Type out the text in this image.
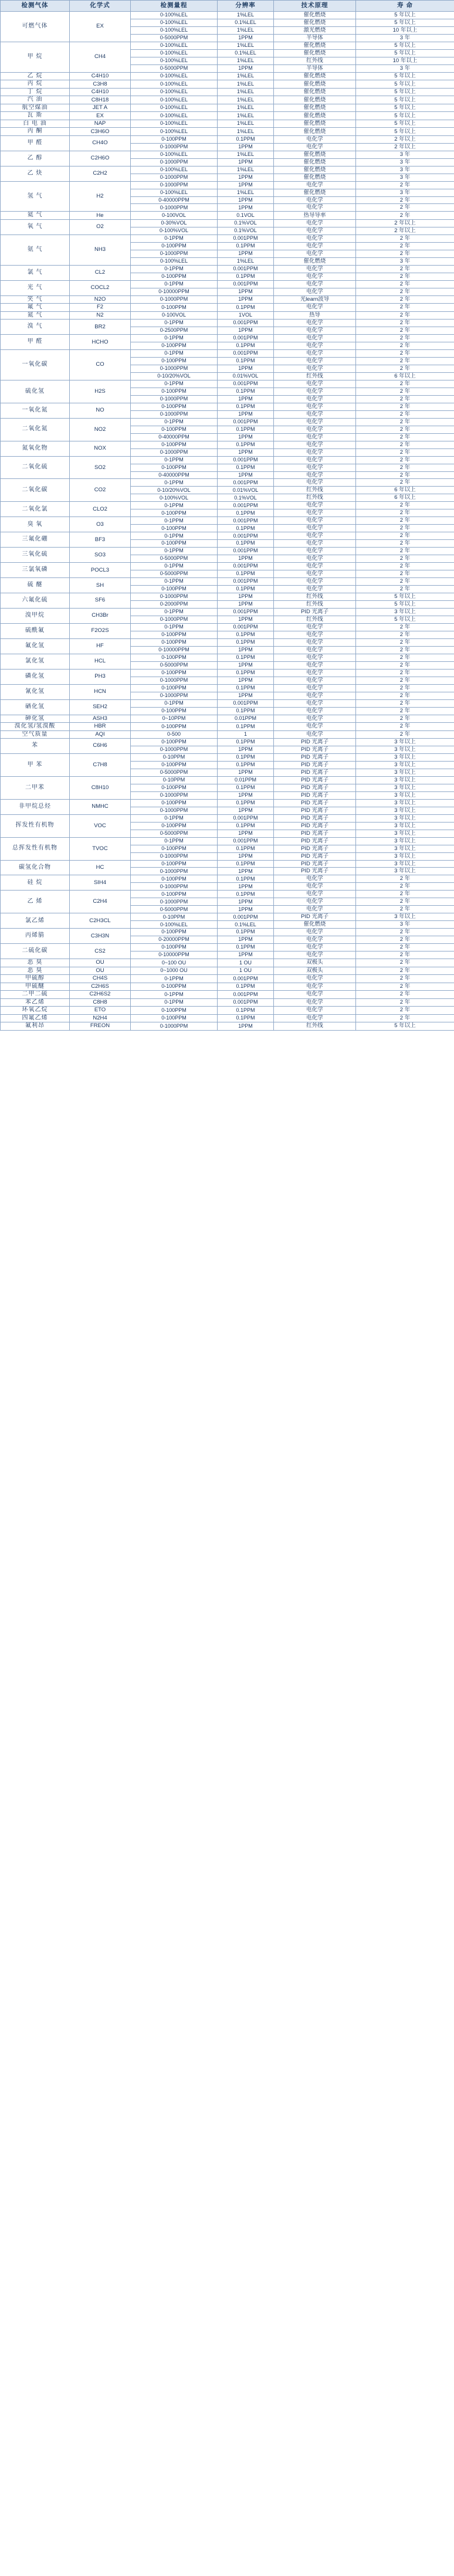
检测气体	化学式	检测量程	分辨率	技术原理	寿 命
可燃气体	EX	0-100%LEL	1%LEL	催化燃烧	5 年以上
		0-100%LEL	0.1%LEL	催化燃烧	5 年以上
		0-100%LEL	1%LEL	激光燃烧	10 年以上
		0-5000PPM	1PPM	半导体	3 年
甲 烷	CH4	0-100%LEL	1%LEL	催化燃烧	5 年以上
		0-100%LEL	0.1%LEL	催化燃烧	5 年以上
		0-100%LEL	1%LEL	红外线	10 年以上
		0-5000PPM	1PPM	半导体	3 年
乙 烷	C4H10	0-100%LEL	1%LEL	催化燃烧	5 年以上
丙 烷	C3H8	0-100%LEL	1%LEL	催化燃烧	5 年以上
丁 烷	C4H10	0-100%LEL	1%LEL	催化燃烧	5 年以上
汽 油	C8H18	0-100%LEL	1%LEL	催化燃烧	5 年以上
航空煤油	JET A	0-100%LEL	1%LEL	催化燃烧	5 年以上
瓦 斯	EX	0-100%LEL	1%LEL	催化燃烧	5 年以上
白 电 油	NAP	0-100%LEL	1%LEL	催化燃烧	5 年以上
丙 酮	C3H6O	0-100%LEL	1%LEL	催化燃烧	5 年以上
甲 醛	CH4O	0-100PPM	0.1PPM	电化学	2 年以上
		0-1000PPM	1PPM	电化学	2 年以上
乙 醇	C2H6O	0-100%LEL	1%LEL	催化燃烧	3 年
		0-1000PPM	1PPM	催化燃烧	3 年
乙 炔	C2H2	0-100%LEL	1%LEL	催化燃烧	3 年
		0-1000PPM	1PPM	催化燃烧	3 年
氢 气	H2	0-1000PPM	1PPM	电化学	2 年
		0-100%LEL	1%LEL	催化燃烧	3 年
		0-40000PPM	1PPM	电化学	2 年
		0-1000PPM	1PPM	电化学	2 年
氦 气	He	0-100VOL	0.1VOL	热导导率	2 年
氧 气	O2	0-30%VOL	0.1%VOL	电化学	2 年以上
		0-100%VOL	0.1%VOL	电化学	2 年以上
氨 气	NH3	0-1PPM	0.001PPM	电化学	2 年
		0-100PPM	0.1PPM	电化学	2 年
		0-1000PPM	1PPM	电化学	2 年
		0-100%LEL	1%LEL	催化燃烧	3 年
氯 气	CL2	0-1PPM	0.001PPM	电化学	2 年
		0-100PPM	0.1PPM	电化学	2 年
光 气	COCL2	0-1PPM	0.001PPM	电化学	2 年
		0-10000PPM	1PPM	电化学	2 年
笑 气	N2O	0-1000PPM	1PPM	光learn波导	2 年
氟 气	F2	0-100PPM	0.1PPM	电化学	2 年
氮 气	N2	0-100VOL	1VOL	热导	2 年
溴 气	BR2	0-1PPM	0.001PPM	电化学	2 年
		0-2500PPM	1PPM	电化学	2 年
甲 醛	HCHO	0-1PPM	0.001PPM	电化学	2 年
		0-100PPM	0.1PPM	电化学	2 年
一氧化碳	CO	0-1PPM	0.001PPM	电化学	2 年
		0-100PPM	0.1PPM	电化学	2 年
		0-1000PPM	1PPM	电化学	2 年
		0-10/20%VOL	0.01%VOL	红外线	6 年以上
硫化氢	H2S	0-1PPM	0.001PPM	电化学	2 年
		0-100PPM	0.1PPM	电化学	2 年
		0-1000PPM	1PPM	电化学	2 年
一氧化氮	NO	0-100PPM	0.1PPM	电化学	2 年
		0-1000PPM	1PPM	电化学	2 年
二氧化氮	NO2	0-1PPM	0.001PPM	电化学	2 年
		0-100PPM	0.1PPM	电化学	2 年
		0-40000PPM	1PPM	电化学	2 年
氮氧化物	NOX	0-100PPM	0.1PPM	电化学	2 年
		0-1000PPM	1PPM	电化学	2 年
二氧化硫	SO2	0-1PPM	0.001PPM	电化学	2 年
		0-100PPM	0.1PPM	电化学	2 年
		0-40000PPM	1PPM	电化学	2 年
二氧化碳	CO2	0-1PPM	0.001PPM	电化学	2 年
		0-10/20%VOL	0.01%VOL	红外线	6 年以上
		0-100%VOL	0.1%VOL	红外线	6 年以上
二氧化氯	CLO2	0-1PPM	0.001PPM	电化学	2 年
		0-100PPM	0.1PPM	电化学	2 年
臭 氧	O3	0-1PPM	0.001PPM	电化学	2 年
		0-100PPM	0.1PPM	电化学	2 年
三氟化硼	BF3	0-1PPM	0.001PPM	电化学	2 年
		0-100PPM	0.1PPM	电化学	2 年
三氧化硫	SO3	0-1PPM	0.001PPM	电化学	2 年
		0-5000PPM	1PPM	电化学	2 年
三氯氧磷	POCL3	0-1PPM	0.001PPM	电化学	2 年
		0-5000PPM	0.1PPM	电化学	2 年
硫 醚	SH	0-1PPM	0.001PPM	电化学	2 年
		0-100PPM	0.1PPM	电化学	2 年
六氟化硫	SF6	0-1000PPM	1PPM	红外线	5 年以上
		0-2000PPM	1PPM	红外线	5 年以上
溴甲烷	CH3Br	0-1PPM	0.001PPM	PID 光离子	3 年以上
		0-1000PPM	1PPM	红外线	5 年以上
硫酰氟	F2O2S	0-1PPM	0.001PPM	电化学	2 年
		0-100PPM	0.1PPM	电化学	2 年
氟化氢	HF	0-100PPM	0.1PPM	电化学	2 年
		0-10000PPM	1PPM	电化学	2 年
氯化氢	HCL	0-100PPM	0.1PPM	电化学	2 年
		0-5000PPM	1PPM	电化学	2 年
磷化氢	PH3	0-100PPM	0.1PPM	电化学	2 年
		0-1000PPM	1PPM	电化学	2 年
氰化氢	HCN	0-100PPM	0.1PPM	电化学	2 年
		0-1000PPM	1PPM	电化学	2 年
硒化氢	SEH2	0-1PPM	0.001PPM	电化学	2 年
		0-100PPM	0.1PPM	电化学	2 年
砷化氢	ASH3	0~10PPM	0.01PPM	电化学	2 年
溴化氢/氢溴酸	HBR	0-100PPM	0.1PPM	电化学	2 年
空气质量	AQI	0-500	1	电化学	2 年
苯	C6H6	0-100PPM	0.1PPM	PID 光离子	3 年以上
		0-1000PPM	1PPM	PID 光离子	3 年以上
甲 苯	C7H8	0-10PPM	0.1PPM	PID 光离子	3 年以上
		0-100PPM	0.1PPM	PID 光离子	3 年以上
		0-5000PPM	1PPM	PID 光离子	3 年以上
二甲苯	C8H10	0-10PPM	0.01PPM	PID 光离子	3 年以上
		0-100PPM	0.1PPM	PID 光离子	3 年以上
		0-1000PPM	1PPM	PID 光离子	3 年以上
非甲烷总烃	NMHC	0-100PPM	0.1PPM	PID 光离子	3 年以上
		0-1000PPM	1PPM	PID 光离子	3 年以上
挥发性有机物	VOC	0-1PPM	0.001PPM	PID 光离子	3 年以上
		0-100PPM	0.1PPM	PID 光离子	3 年以上
		0-5000PPM	1PPM	PID 光离子	3 年以上
总挥发性有机物	TVOC	0-1PPM	0.001PPM	PID 光离子	3 年以上
		0-100PPM	0.1PPM	PID 光离子	3 年以上
		0-1000PPM	1PPM	PID 光离子	3 年以上
碳氢化合物	HC	0-100PPM	0.1PPM	PID 光离子	3 年以上
		0-1000PPM	1PPM	PID 光离子	3 年以上
硅 烷	SIH4	0-100PPM	0.1PPM	电化学	2 年
		0-1000PPM	1PPM	电化学	2 年
乙 烯	C2H4	0-100PPM	0.1PPM	电化学	2 年
		0-1000PPM	1PPM	电化学	2 年
		0-5000PPM	1PPM	电化学	2 年
氯乙烯	C2H3CL	0-10PPM	0.001PPM	PID 光离子	3 年以上
		0-100%LEL	0.1%LEL	催化燃烧	3 年
丙烯腈	C3H3N	0-100PPM	0.1PPM	电化学	2 年
		0-20000PPM	1PPM	电化学	2 年
二硫化碳	CS2	0-100PPM	0.1PPM	电化学	2 年
		0-10000PPM	1PPM	电化学	2 年
恶 臭	OU	0~100 OU	1 OU	双极头	2 年
恶 臭	OU	0~1000 OU	1 OU	双极头	2 年
甲硫醇	CH4S	0-1PPM	0.001PPM	电化学	2 年
甲硫醚	C2H6S	0-100PPM	0.1PPM	电化学	2 年
二甲二硫	C2H6S2	0-1PPM	0.001PPM	电化学	2 年
苯乙烯	C8H8	0-1PPM	0.001PPM	电化学	2 年
环氧乙烷	ETO	0-100PPM	0.1PPM	电化学	2 年
四氟乙烯	N2H4	0-100PPM	0.1PPM	电化学	2 年
氟利昂	FREON	0-1000PPM	1PPM	红外线	5 年以上
